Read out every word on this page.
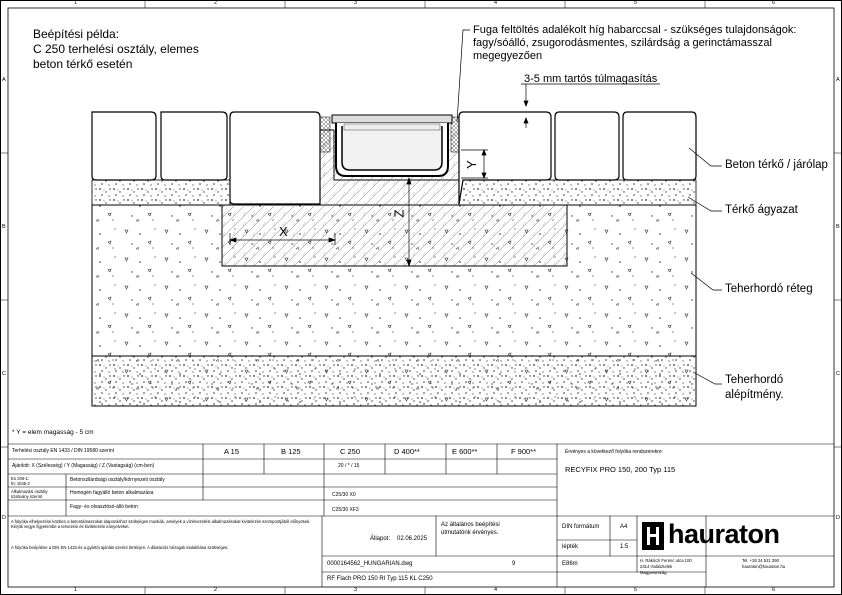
1	2	3	4	5	6
1	2	3	4	5	6
A
B
C
D
A
B
C
D
Beépítési példa:
C 250 terhelési osztály, elemes
beton térkő esetén
Fuga feltöltés adalékolt híg habarccsal - szükséges tulajdonságok:
fagy/sóálló, zsugorodásmentes, szilárdság a gerinctámasszal
megegyezően
3-5 mm tartós túlmagasítás
X
Y
Z
Beton térkő / járólap
Térkő ágyazat
Teherhordó réteg
Teherhordó
alépítmény.
* Y = elem magasság - 5 cm
Terhelési osztály EN 1433 / DIN 19580 szerint	A 15	B 125	C 250	D 400**	E 600**	F 900**
Ajánlott: X (Szélesség) / Y (Magasság) / Z (Vastagság) (cm-ben)	20 / * / 15
En 206-1:
frc 1045-2
Betonszilárdsági osztály/környezeti osztály
Alkalmazási osztály szabvány szerint
Homogén fagyálló beton alkalmazása	C25/30 X0
Fagy- és olvasztósó-álló beton	C25/30 XF3
Érvényes a következő folyóka rendszerekre:
RECYFIX PRO 150, 200 Typ 115
A folyóka elhelyezése közben a betontámaszokat alapozáshoz szükséges munkák, amelyek a vízelvezetési alkalmazásokat kivitelezés szempontjából előnyösek. Kérjük vegye figyelembe a tervezési és kivitelezési irányelveket.
A folyóka beépítése a DIN EN 1433 és a gyártói ajánlás szerint történjen. A dilatációs hézagok kialakítása szükséges.
Állapot: 02.06.2025
Az általános beépítési
útmutatónk érvényes.
DIN formátum	A4
lépték	1:5
0000164562_HUNGARIAN.dwg	9	E86m
RF Flach PRO 150 RI Typ 115 KL C250
hauraton
H. Rákóczi Ferenc utca 100
2314 Halásztelek
Magyarország
Tel. +36 24 521 390
hauraton@hauraton.hu
